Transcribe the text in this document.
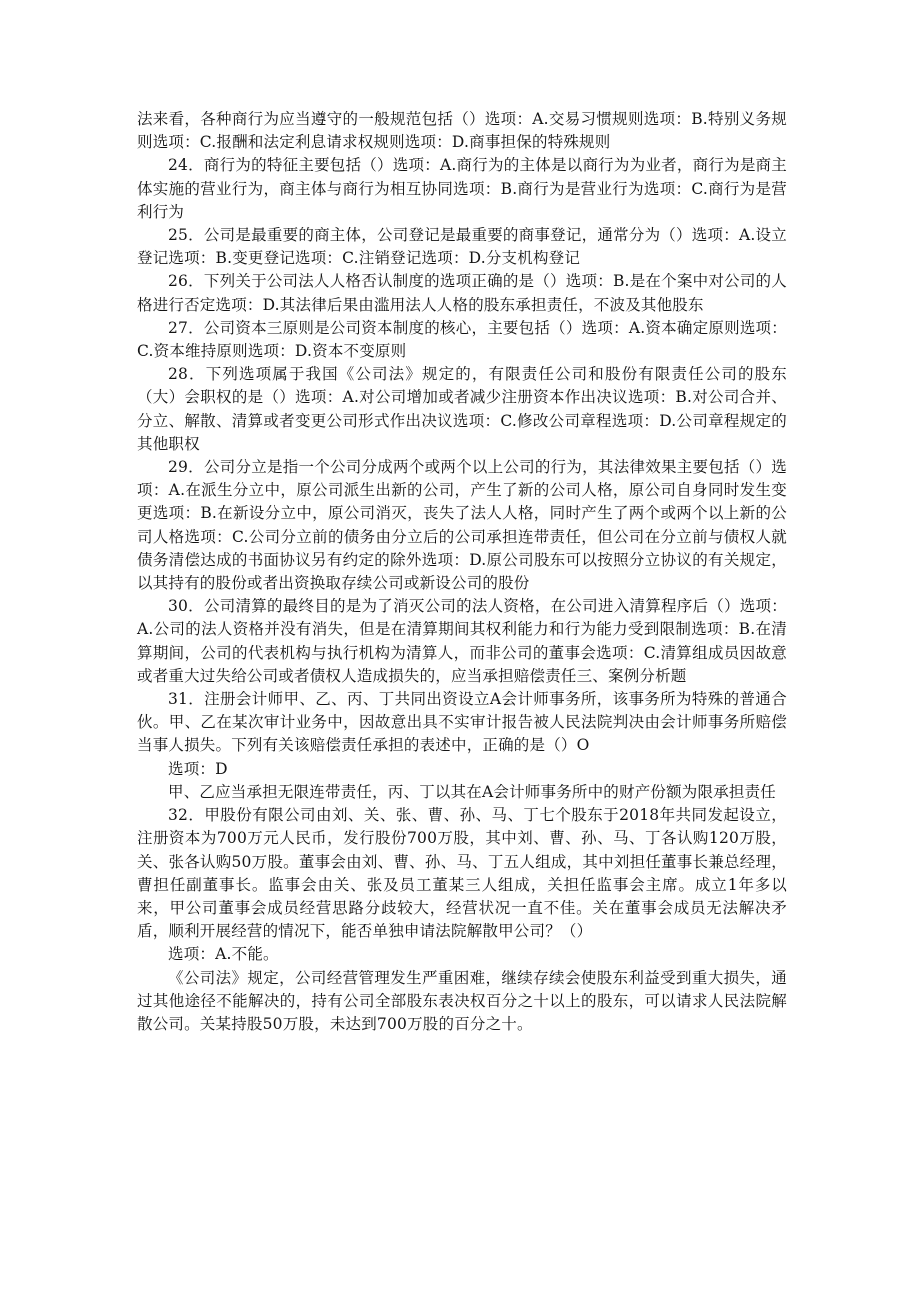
法来看，各种商行为应当遵守的一般规范包括（）选项：A.交易习惯规则选项：B.特别义务规则选项：C.报酬和法定利息请求权规则选项：D.商事担保的特殊规则

24．商行为的特征主要包括（）选项：A.商行为的主体是以商行为为业者，商行为是商主体实施的营业行为，商主体与商行为相互协同选项：B.商行为是营业行为选项：C.商行为是营利行为

25．公司是最重要的商主体，公司登记是最重要的商事登记，通常分为（）选项：A.设立登记选项：B.变更登记选项：C.注销登记选项：D.分支机构登记

26．下列关于公司法人人格否认制度的选项正确的是（）选项：B.是在个案中对公司的人格进行否定选项：D.其法律后果由滥用法人人格的股东承担责任，不波及其他股东

27．公司资本三原则是公司资本制度的核心，主要包括（）选项：A.资本确定原则选项：C.资本维持原则选项：D.资本不变原则

28．下列选项属于我国《公司法》规定的，有限责任公司和股份有限责任公司的股东（大）会职权的是（）选项：A.对公司增加或者减少注册资本作出决议选项：B.对公司合并、分立、解散、清算或者变更公司形式作出决议选项：C.修改公司章程选项：D.公司章程规定的其他职权

29．公司分立是指一个公司分成两个或两个以上公司的行为，其法律效果主要包括（）选项：A.在派生分立中，原公司派生出新的公司，产生了新的公司人格，原公司自身同时发生变更选项：B.在新设分立中，原公司消灭，丧失了法人人格，同时产生了两个或两个以上新的公司人格选项：C.公司分立前的债务由分立后的公司承担连带责任，但公司在分立前与债权人就债务清偿达成的书面协议另有约定的除外选项：D.原公司股东可以按照分立协议的有关规定，以其持有的股份或者出资换取存续公司或新设公司的股份

30．公司清算的最终目的是为了消灭公司的法人资格，在公司进入清算程序后（）选项：A.公司的法人资格并没有消失，但是在清算期间其权利能力和行为能力受到限制选项：B.在清算期间，公司的代表机构与执行机构为清算人，而非公司的董事会选项：C.清算组成员因故意或者重大过失给公司或者债权人造成损失的，应当承担赔偿责任三、案例分析题

31．注册会计师甲、乙、丙、丁共同出资设立A会计师事务所，该事务所为特殊的普通合伙。甲、乙在某次审计业务中，因故意出具不实审计报告被人民法院判决由会计师事务所赔偿当事人损失。下列有关该赔偿责任承担的表述中，正确的是（）O

选项：D

甲、乙应当承担无限连带责任，丙、丁以其在A会计师事务所中的财产份额为限承担责任

32．甲股份有限公司由刘、关、张、曹、孙、马、丁七个股东于2018年共同发起设立，注册资本为700万元人民币，发行股份700万股，其中刘、曹、孙、马、丁各认购120万股，关、张各认购50万股。董事会由刘、曹、孙、马、丁五人组成，其中刘担任董事长兼总经理，曹担任副董事长。监事会由关、张及员工董某三人组成，关担任监事会主席。成立1年多以来，甲公司董事会成员经营思路分歧较大，经营状况一直不佳。关在董事会成员无法解决矛盾，顺利开展经营的情况下，能否单独申请法院解散甲公司？（）

选项：A.不能。

《公司法》规定，公司经营管理发生严重困难，继续存续会使股东利益受到重大损失，通过其他途径不能解决的，持有公司全部股东表决权百分之十以上的股东，可以请求人民法院解散公司。关某持股50万股，未达到700万股的百分之十。
